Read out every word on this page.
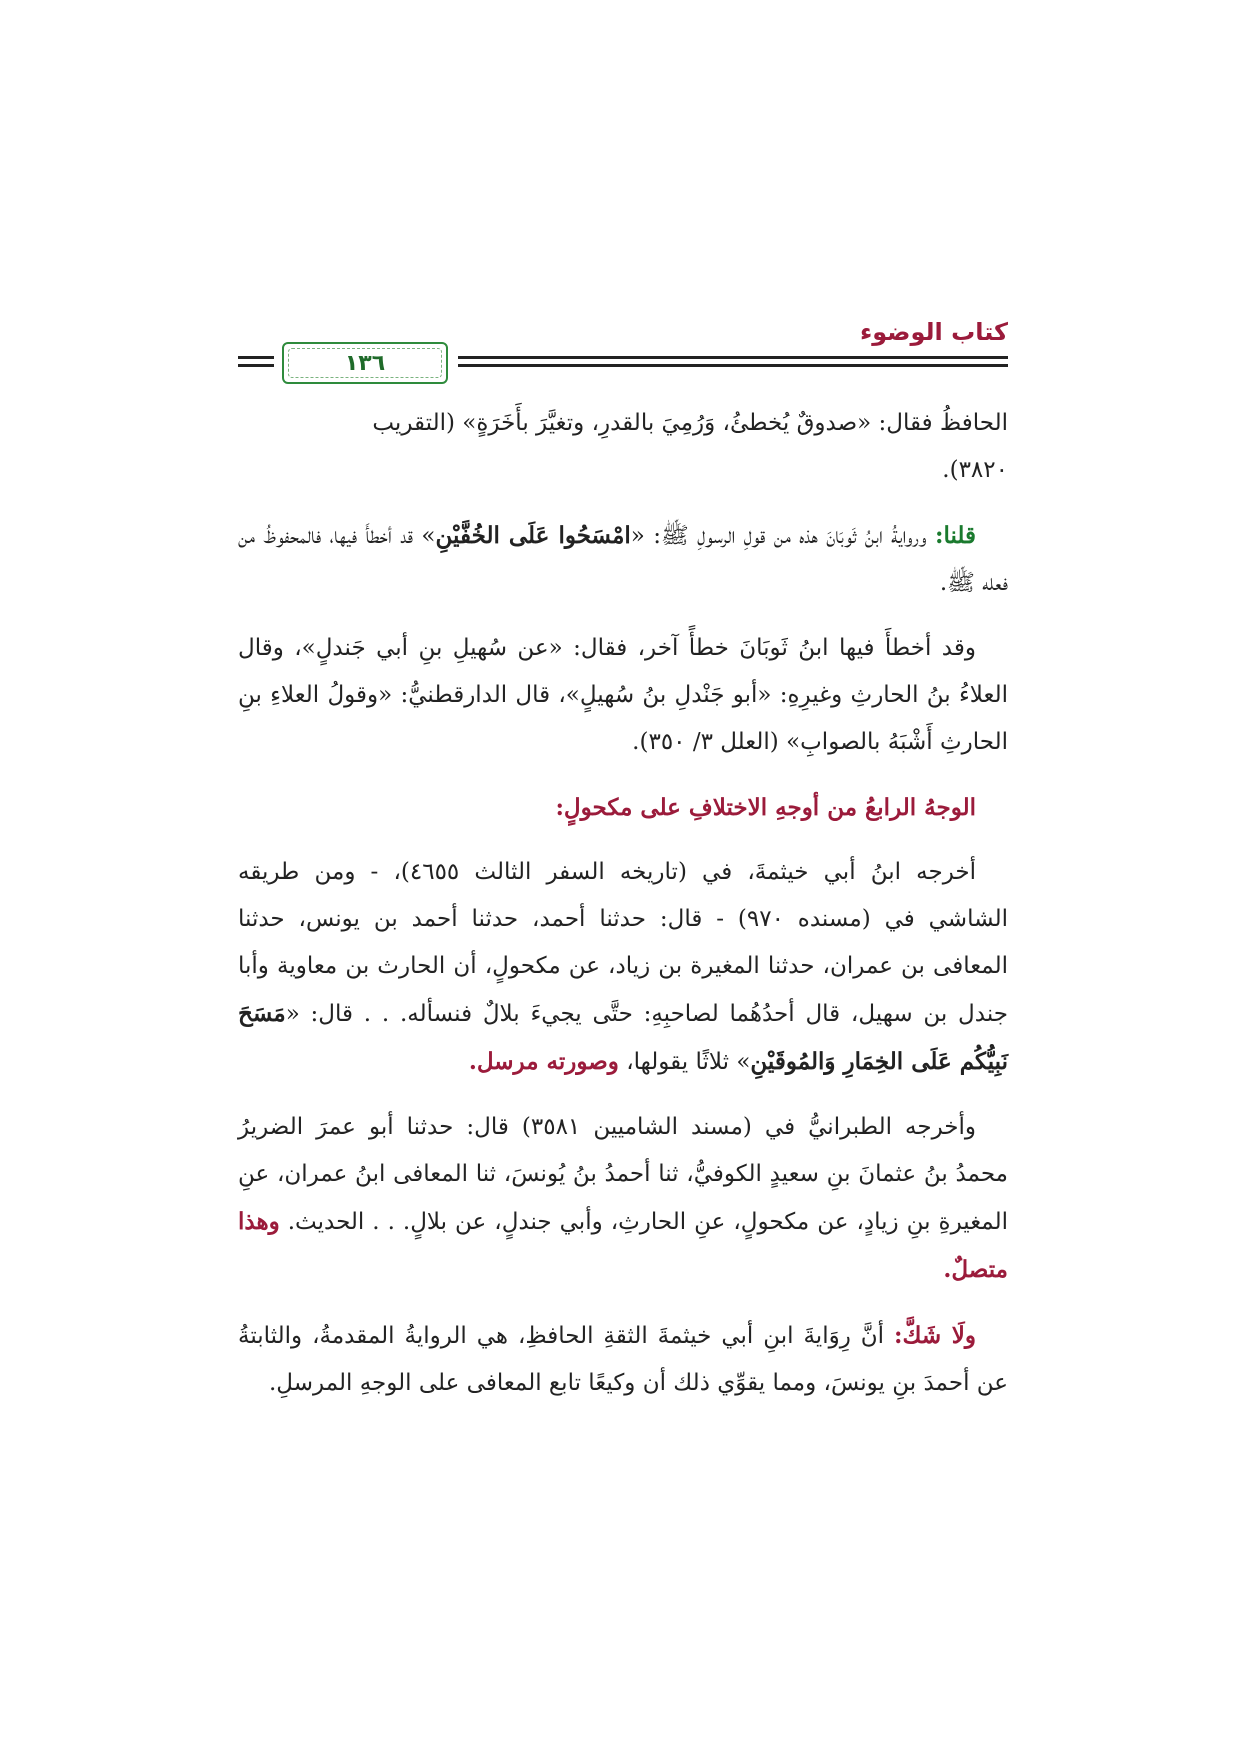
كتاب الوضوء
١٣٦

الحافظُ فقال: «صدوقٌ يُخطئُ، وَرُمِيَ بالقدرِ، وتغيَّرَ بأَخَرَةٍ» (التقريب
٣٨٢٠).

قلنا: وروايةُ ابنُ ثَوبَانَ هذه من قولِ الرسولِ ﷺ: «امْسَحُوا عَلَى الخُفَّيْنِ» قد أخطأَ فيها، فالمحفوظُ من فعله ﷺ.

وقد أخطأَ فيها ابنُ ثَوبَانَ خطأً آخر، فقال: «عن سُهيلِ بنِ أبي جَندلٍ»، وقال العلاءُ بنُ الحارثِ وغيرِهِ: «أبو جَنْدلِ بنُ سُهيلٍ»، قال الدارقطنيُّ: «وقولُ العلاءِ بنِ الحارثِ أَشْبَهُ بالصوابِ» (العلل ٣/ ٣٥٠).

الوجهُ الرابعُ من أوجهِ الاختلافِ على مكحولٍ:

أخرجه ابنُ أبي خيثمةَ، في (تاريخه السفر الثالث ٤٦٥٥)، - ومن طريقه الشاشي في (مسنده ٩٧٠) - قال: حدثنا أحمد، حدثنا أحمد بن يونس، حدثنا المعافى بن عمران، حدثنا المغيرة بن زياد، عن مكحولٍ، أن الحارث بن معاوية وأبا جندل بن سهيل، قال أحدُهُما لصاحبِهِ: حتَّى يجيءَ بلالٌ فنسأله. . . قال: «مَسَحَ نَبِيُّكُم عَلَى الخِمَارِ وَالمُوقَيْنِ» ثلاثًا يقولها، وصورته مرسل.

وأخرجه الطبرانيُّ في (مسند الشاميين ٣٥٨١) قال: حدثنا أبو عمرَ الضريرُ محمدُ بنُ عثمانَ بنِ سعيدٍ الكوفيُّ، ثنا أحمدُ بنُ يُونسَ، ثنا المعافى ابنُ عمران، عنِ المغيرةِ بنِ زيادٍ، عن مكحولٍ، عنِ الحارثِ، وأبي جندلٍ، عن بلالٍ. . . الحديث. وهذا متصلٌ.

ولَا شَكَّ: أنَّ رِوَايةَ ابنِ أبي خيثمةَ الثقةِ الحافظِ، هي الروايةُ المقدمةُ، والثابتةُ عن أحمدَ بنِ يونسَ، ومما يقوِّي ذلك أن وكيعًا تابع المعافى على الوجهِ المرسلِ.
